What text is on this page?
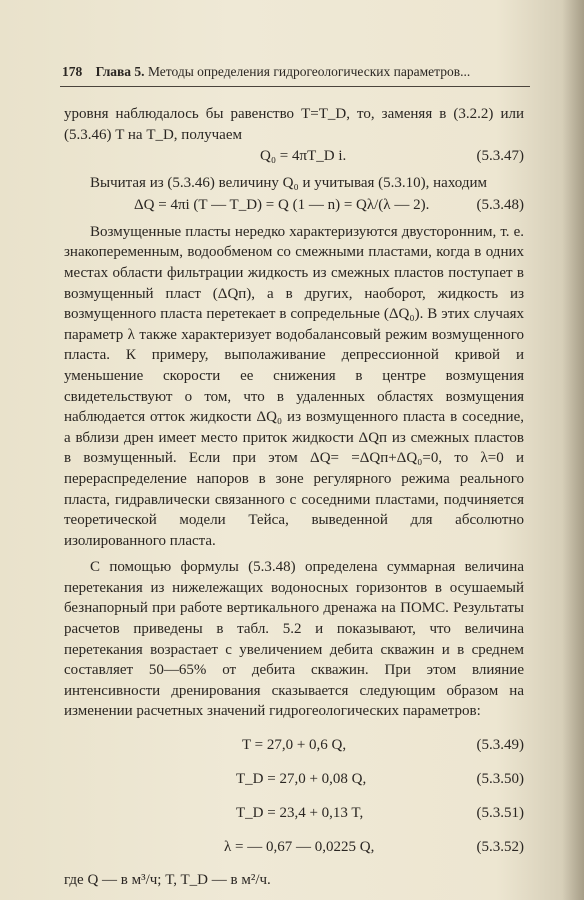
178 Глава 5. Методы определения гидрогеологических параметров...

уровня наблюдалось бы равенство T=T_D, то, заменяя в (3.2.2) или (5.3.46) T на T_D, получаем

Q₀ = 4πT_D i.	(5.3.47)

Вычитая из (5.3.46) величину Q₀ и учитывая (5.3.10), находим

ΔQ = 4πi (T — T_D) = Q (1 — n) = Qλ/(λ — 2).	(5.3.48)

Возмущенные пласты нередко характеризуются двусторонним, т. е. знакопеременным, водообменом со смежными пластами, когда в одних местах области фильтрации жидкость из смежных пластов поступает в возмущенный пласт (ΔQп), а в других, наоборот, жидкость из возмущенного пласта перетекает в сопредельные (ΔQ₀). В этих случаях параметр λ также характеризует водобалансовый режим возмущенного пласта. К примеру, выполаживание депрессионной кривой и уменьшение скорости ее снижения в центре возмущения свидетельствуют о том, что в удаленных областях возмущения наблюдается отток жидкости ΔQ₀ из возмущенного пласта в соседние, а вблизи дрен имеет место приток жидкости ΔQп из смежных пластов в возмущенный. Если при этом ΔQ= =ΔQп+ΔQ₀=0, то λ=0 и перераспределение напоров в зоне регулярного режима реального пласта, гидравлически связанного с соседними пластами, подчиняется теоретической модели Тейса, выведенной для абсолютно изолированного пласта.

С помощью формулы (5.3.48) определена суммарная величина перетекания из нижележащих водоносных горизонтов в осушаемый безнапорный при работе вертикального дренажа на ПОМС. Результаты расчетов приведены в табл. 5.2 и показывают, что величина перетекания возрастает с увеличением дебита скважин и в среднем составляет 50—65% от дебита скважин. При этом влияние интенсивности дренирования сказывается следующим образом на изменении расчетных значений гидрогеологических параметров:

T = 27,0 + 0,6 Q,	(5.3.49)
T_D = 27,0 + 0,08 Q,	(5.3.50)
T_D = 23,4 + 0,13 T,	(5.3.51)
λ = — 0,67 — 0,0225 Q,	(5.3.52)

где Q — в м³/ч; T, T_D — в м²/ч.
